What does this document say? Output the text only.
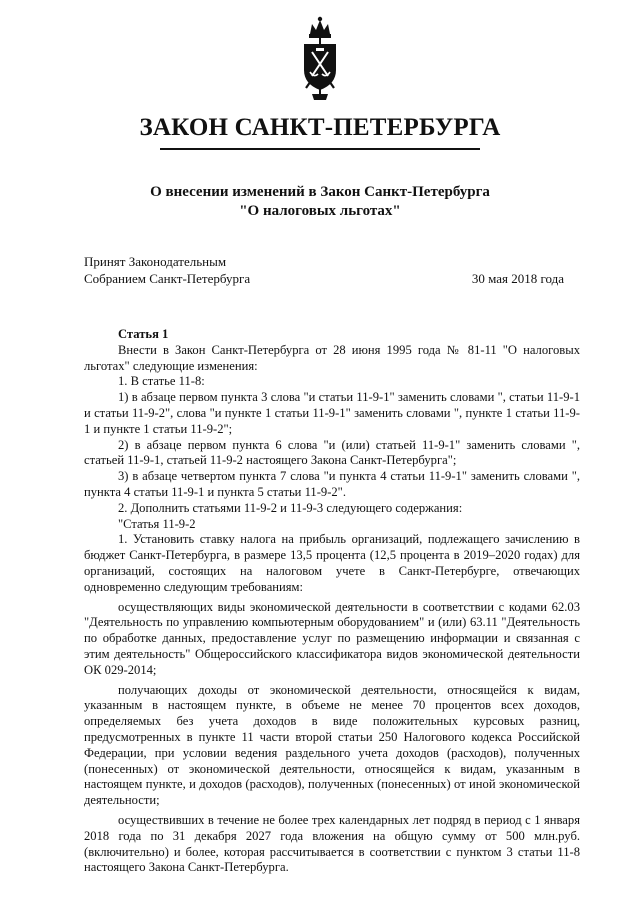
ЗАКОН САНКТ-ПЕТЕРБУРГА
О внесении изменений в Закон Санкт-Петербурга
"О налоговых льготах"
Принят Законодательным
Собранием Санкт-Петербурга	30 мая 2018 года

Статья 1

Внести в Закон Санкт-Петербурга от 28 июня 1995 года № 81-11 "О налоговых льготах" следующие изменения:

1. В статье 11-8:

1) в абзаце первом пункта 3 слова "и статьи 11-9-1" заменить словами ", статьи 11-9-1 и статьи 11-9-2", слова "и пункте 1 статьи 11-9-1" заменить словами ", пункте 1 статьи 11-9-1 и пункте 1 статьи 11-9-2";

2) в абзаце первом пункта 6 слова "и (или) статьей 11-9-1" заменить словами ", статьей 11-9-1, статьей 11-9-2 настоящего Закона Санкт-Петербурга";

3) в абзаце четвертом пункта 7 слова "и пункта 4 статьи 11-9-1" заменить словами ", пункта 4 статьи 11-9-1 и пункта 5 статьи 11-9-2".

2. Дополнить статьями 11-9-2 и 11-9-3 следующего содержания:

"Статья 11-9-2

1. Установить ставку налога на прибыль организаций, подлежащего зачислению в бюджет Санкт-Петербурга, в размере 13,5 процента (12,5 процента в 2019–2020 годах) для организаций, состоящих на налоговом учете в Санкт-Петербурге, отвечающих одновременно следующим требованиям:

осуществляющих виды экономической деятельности в соответствии с кодами 62.03 "Деятельность по управлению компьютерным оборудованием" и (или) 63.11 "Деятельность по обработке данных, предоставление услуг по размещению информации и связанная с этим деятельность" Общероссийского классификатора видов экономической деятельности ОК 029-2014;

получающих доходы от экономической деятельности, относящейся к видам, указанным в настоящем пункте, в объеме не менее 70 процентов всех доходов, определяемых без учета доходов в виде положительных курсовых разниц, предусмотренных в пункте 11 части второй статьи 250 Налогового кодекса Российской Федерации, при условии ведения раздельного учета доходов (расходов), полученных (понесенных) от экономической деятельности, относящейся к видам, указанным в настоящем пункте, и доходов (расходов), полученных (понесенных) от иной экономической деятельности;

осуществивших в течение не более трех календарных лет подряд в период с 1 января 2018 года по 31 декабря 2027 года вложения на общую сумму от 500 млн.руб. (включительно) и более, которая рассчитывается в соответствии с пунктом 3 статьи 11-8 настоящего Закона Санкт-Петербурга.
